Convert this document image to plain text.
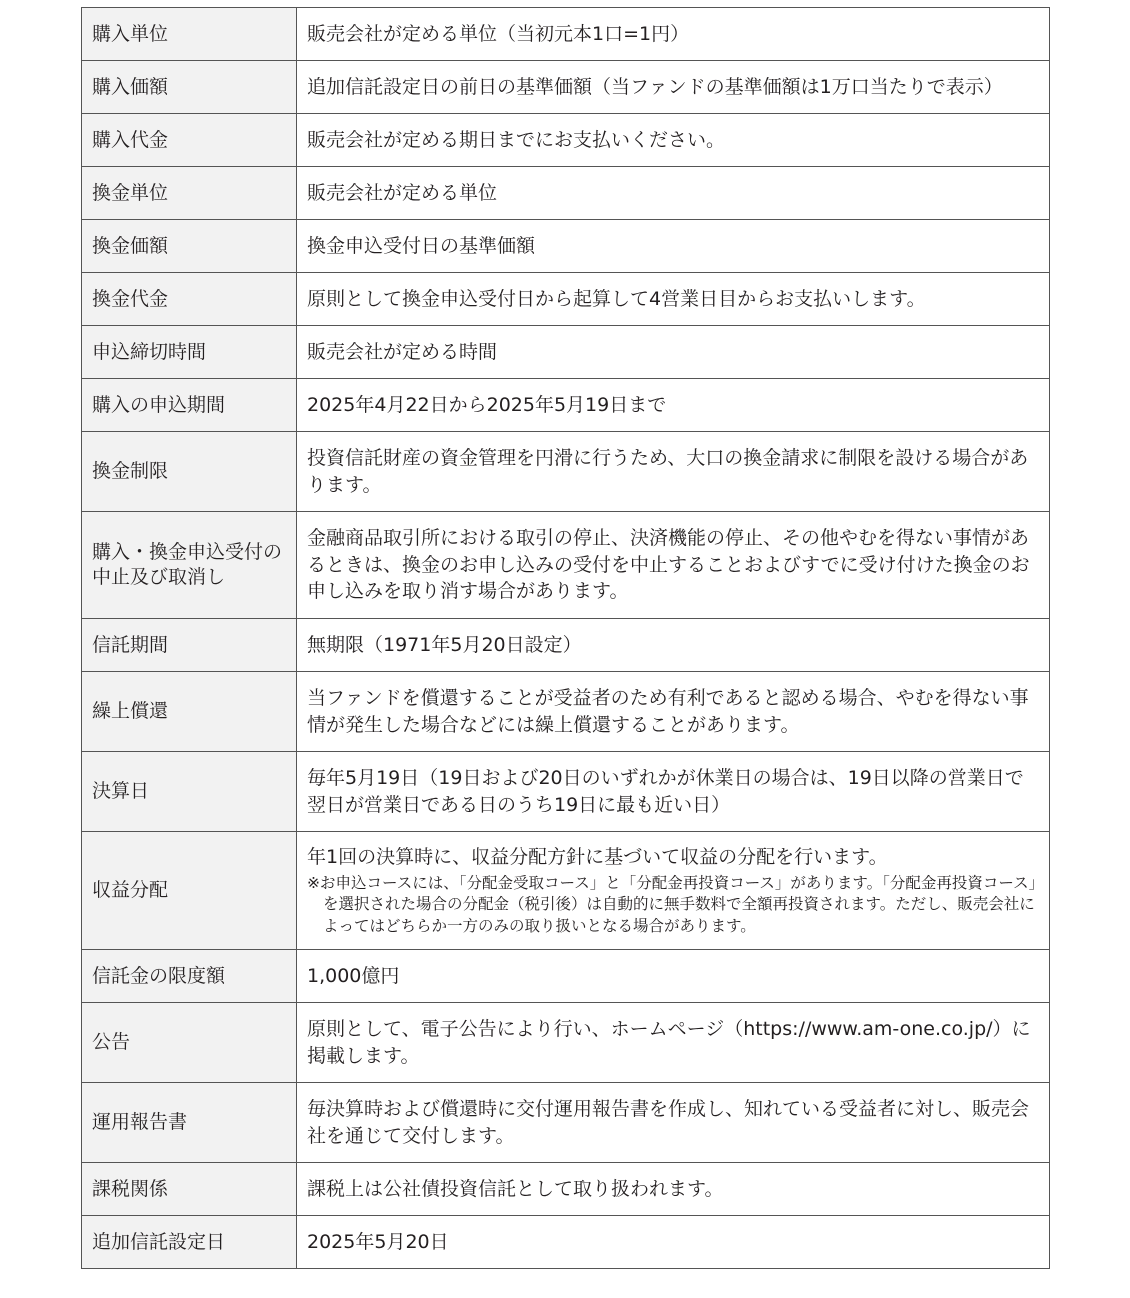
購入単位	販売会社が定める単位（当初元本1口=1円）
購入価額	追加信託設定日の前日の基準価額（当ファンドの基準価額は1万口当たりで表示）
購入代金	販売会社が定める期日までにお支払いください。
換金単位	販売会社が定める単位
換金価額	換金申込受付日の基準価額
換金代金	原則として換金申込受付日から起算して4営業日目からお支払いします。
申込締切時間	販売会社が定める時間
購入の申込期間	2025年4月22日から2025年5月19日まで
換金制限	投資信託財産の資金管理を円滑に行うため、大口の換金請求に制限を設ける場合があります。
購入・換金申込受付の中止及び取消し	金融商品取引所における取引の停止、決済機能の停止、その他やむを得ない事情があるときは、換金のお申し込みの受付を中止することおよびすでに受け付けた換金のお申し込みを取り消す場合があります。
信託期間	無期限（1971年5月20日設定）
繰上償還	当ファンドを償還することが受益者のため有利であると認める場合、やむを得ない事情が発生した場合などには繰上償還することがあります。
決算日	毎年5月19日（19日および20日のいずれかが休業日の場合は、19日以降の営業日で翌日が営業日である日のうち19日に最も近い日）
収益分配	年1回の決算時に、収益分配方針に基づいて収益の分配を行います。
※お申込コースには、「分配金受取コース」と「分配金再投資コース」があります。「分配金再投資コース」を選択された場合の分配金（税引後）は自動的に無手数料で全額再投資されます。ただし、販売会社によってはどちらか一方のみの取り扱いとなる場合があります。

信託金の限度額	1,000億円
公告	原則として、電子公告により行い、ホームページ（https://www.am-one.co.jp/）に掲載します。
運用報告書	毎決算時および償還時に交付運用報告書を作成し、知れている受益者に対し、販売会社を通じて交付します。
課税関係	課税上は公社債投資信託として取り扱われます。
追加信託設定日	2025年5月20日
